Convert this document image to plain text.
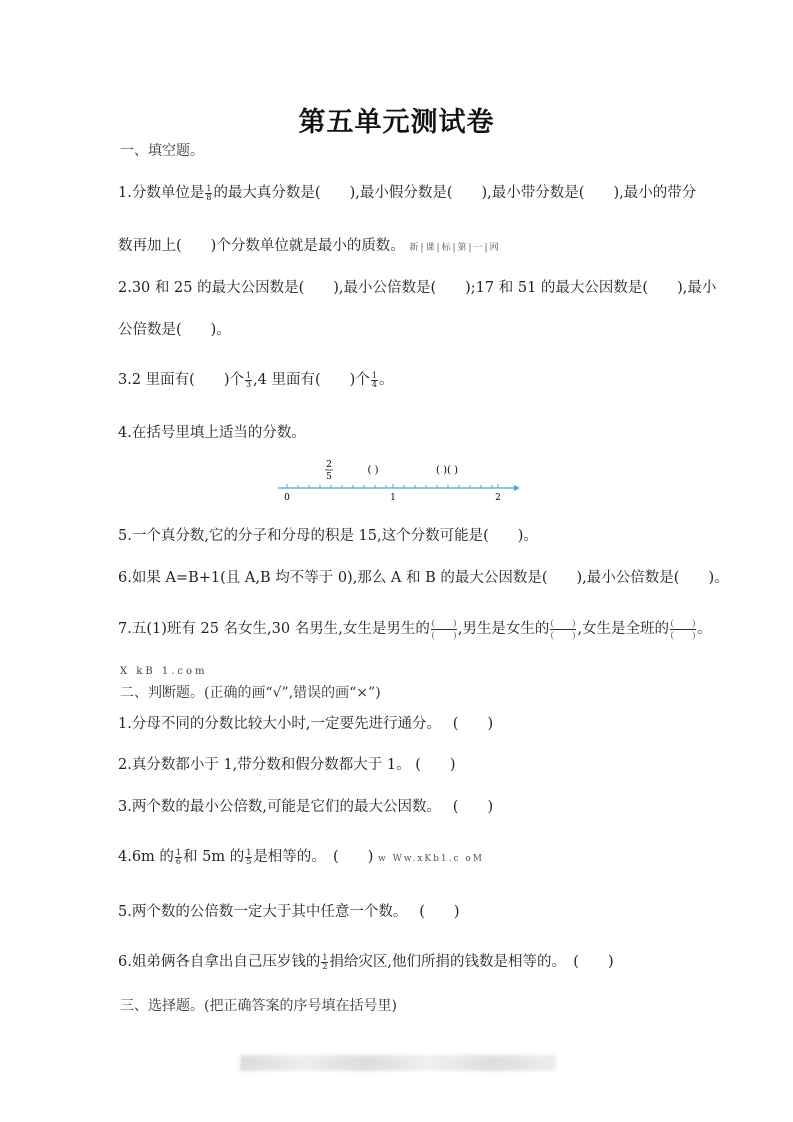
第五单元测试卷
一、填空题。
1.分数单位是 $\frac{1}{8}$ 的最大真分数是(　　),最小假分数是(　　),最小带分数是(　　),最小的带分
数再加上(　　)个分数单位就是最小的质数。 新|课|标|第|一|网
2.30 和 25 的最大公因数是(　　),最小公倍数是(　　);17 和 51 的最大公因数是(　　),最小
公倍数是(　　)。
3.2 里面有(　　)个 $\frac{1}{3} ,4$ 里面有(　　)个 $\frac{1}{4}$ 。
4.在括号里填上适当的分数。
2
5
( )	( )( )
0	1	2
5.一个真分数,它的分子和分母的积是 15,这个分数可能是(　　)。
6.如果 A=B+1(且 A,B 均不等于 0),那么 A 和 B 的最大公因数是(　　),最小公倍数是(　　)。
7.五(1)班有 25 名女生,30 名男生,女生是男生的 ,男生是女生的 ,女生是全班的 。
X kB 1.com
二、判断题。(正确的画“√”,错误的画“×”)
1.分母不同的分数比较大小时,一定要先进行通分。　 (　　)
2.真分数都小于 1,带分数和假分数都大于 1。 (　　)
3.两个数的最小公倍数,可能是它们的最大公因数。　 (　　)
4.6m 的 $\frac{1}{6}$ 和 5m 的 $\frac{1}{5}$ 是相等的。　(　　) w Ww.xKb1.c oM
5.两个数的公倍数一定大于其中任意一个数。　 (　　)
6.姐弟俩各自拿出自己压岁钱的 $\frac{1}{2}$ 捐给灾区,他们所捐的钱数是相等的。　(　　)
三、选择题。(把正确答案的序号填在括号里)
